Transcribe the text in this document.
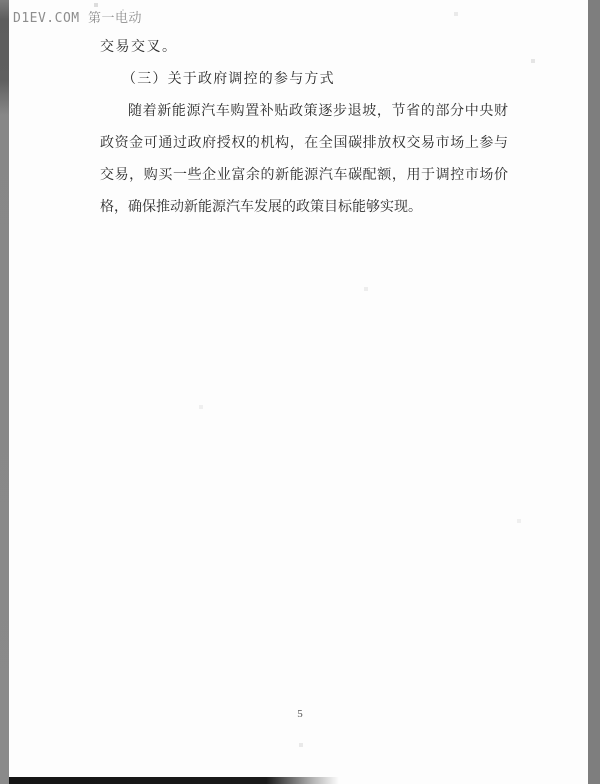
D1EV.COM 第一电动
交易交叉。
（三）关于政府调控的参与方式
随着新能源汽车购置补贴政策逐步退坡，节省的部分中央财
政资金可通过政府授权的机构，在全国碳排放权交易市场上参与
交易，购买一些企业富余的新能源汽车碳配额，用于调控市场价
格，确保推动新能源汽车发展的政策目标能够实现。
5
